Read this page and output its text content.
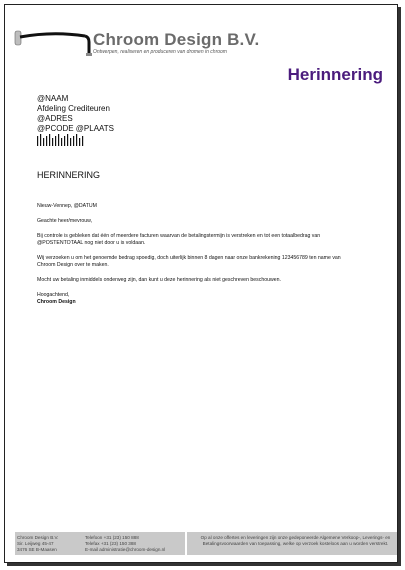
Chroom Design B.V.
Ontwerpen, realiseren en produceren van dromen in chroom
Herinnering
@NAAM
Afdeling Crediteuren
@ADRES
@PCODE @PLAATS
HERINNERING

Nieuw-Vennep, @DATUM

Geachte heer/mevrouw,

Bij controle is gebleken dat één of meerdere facturen waarvan de betalingstermijn is verstreken en tot een totaalbedrag van @POSTENTOTAAL nog niet door u is voldaan.

Wij verzoeken u om het genoemde bedrag spoedig, doch uiterlijk binnen 8 dagen naar onze bankrekening 123456789 ten name van Chroom Design over te maken.

Mocht uw betaling inmiddels onderweg zijn, dan kunt u deze herinnering als niet geschreven beschouwen.

Hoogachtend,
Chroom Design
Chroom Design B.V.
Sir. Leijweg 45-47
3476 SE B-Maasen
Telefoon +31 (23) 150 888
Telefax +31 (23) 150 388
E-mail administratie@chroom-design.nl
Op al onze offertes en leveringen zijn onze gedeponeerde Algemene Verkoop-, Leverings- en Betalingsvoorwaarden van toepassing, welke op verzoek kosteloos aan u worden verstrekt.
